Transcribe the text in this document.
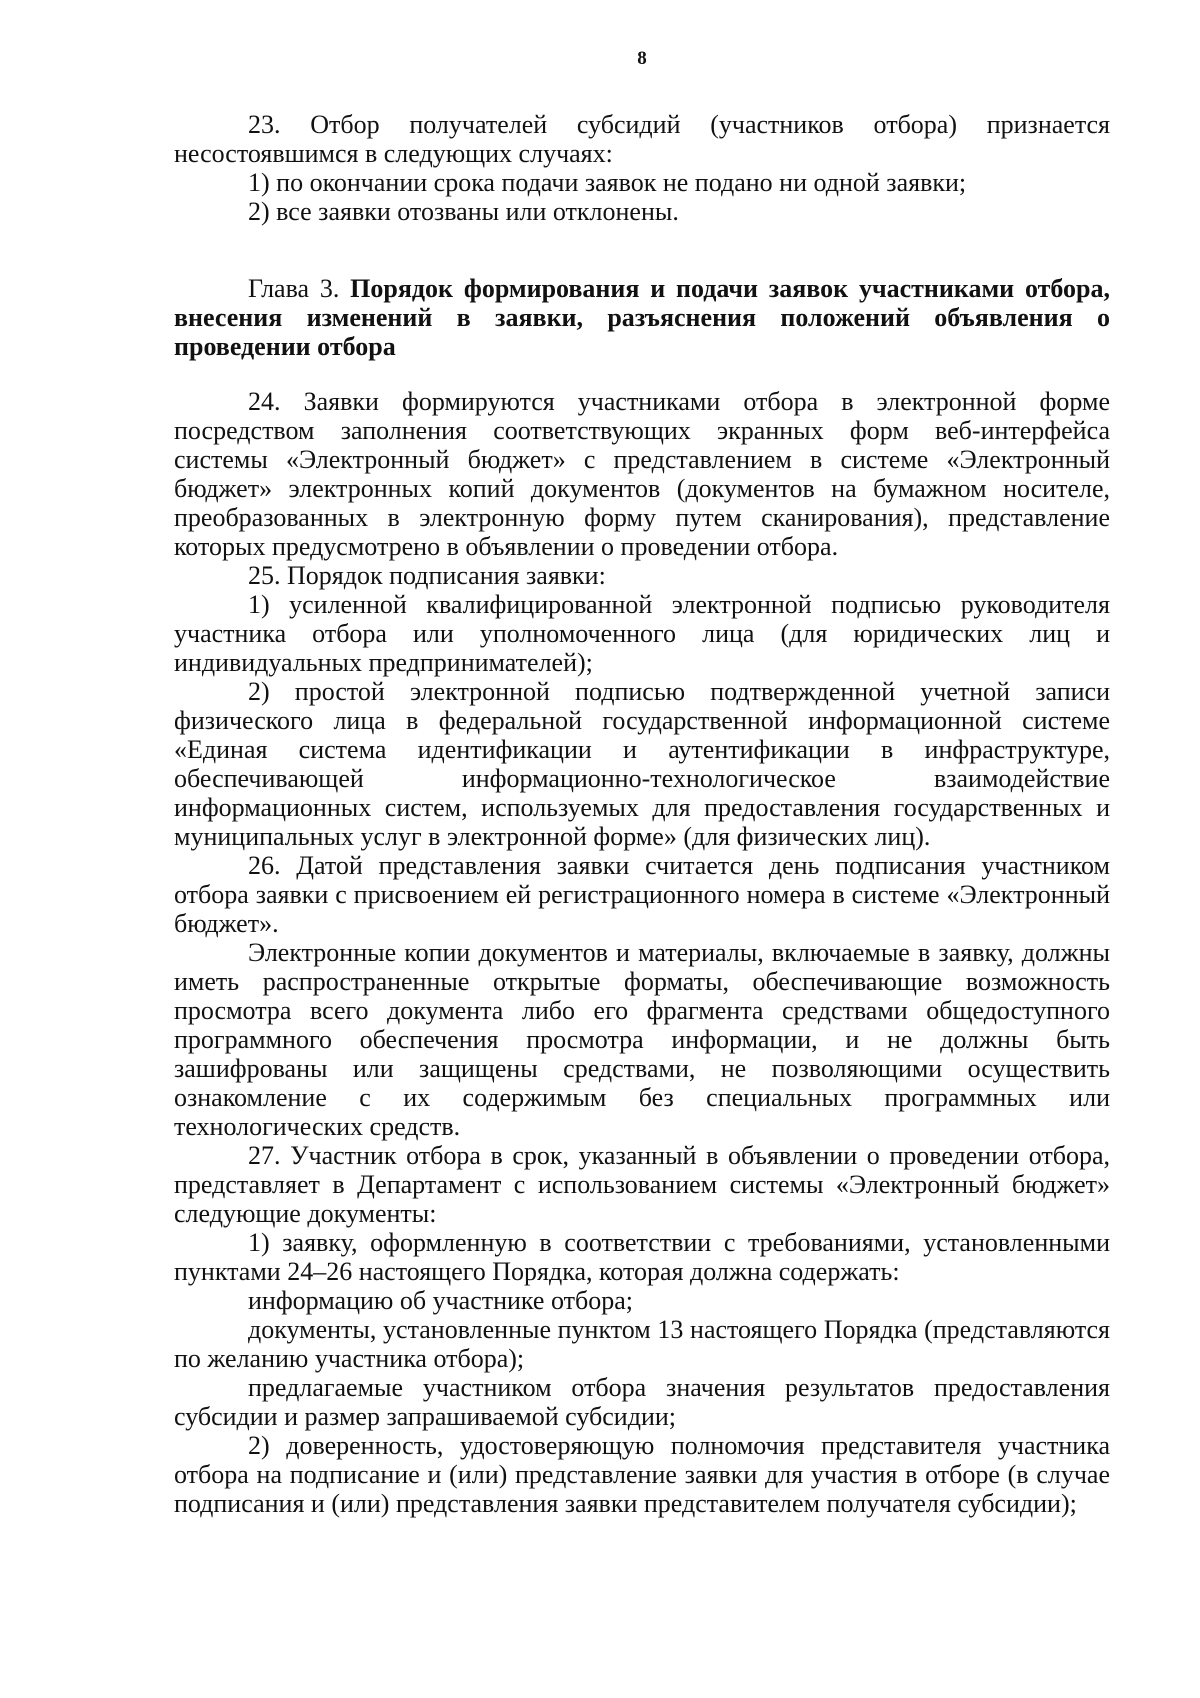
8

23. Отбор получателей субсидий (участников отбора) признается несостоявшимся в следующих случаях:

1) по окончании срока подачи заявок не подано ни одной заявки;

2) все заявки отозваны или отклонены.

Глава 3. Порядок формирования и подачи заявок участниками отбора, внесения изменений в заявки, разъяснения положений объявления о проведении отбора

24. Заявки формируются участниками отбора в электронной форме посредством заполнения соответствующих экранных форм веб-интерфейса системы «Электронный бюджет» с представлением в системе «Электронный бюджет» электронных копий документов (документов на бумажном носителе, преобразованных в электронную форму путем сканирования), представление которых предусмотрено в объявлении о проведении отбора.

25. Порядок подписания заявки:

1) усиленной квалифицированной электронной подписью руководителя участника отбора или уполномоченного лица (для юридических лиц и индивидуальных предпринимателей);

2) простой электронной подписью подтвержденной учетной записи физического лица в федеральной государственной информационной системе «Единая система идентификации и аутентификации в инфраструктуре, обеспечивающей информационно-технологическое взаимодействие информационных систем, используемых для предоставления государственных и муниципальных услуг в электронной форме» (для физических лиц).

26. Датой представления заявки считается день подписания участником отбора заявки с присвоением ей регистрационного номера в системе «Электронный бюджет».

Электронные копии документов и материалы, включаемые в заявку, должны иметь распространенные открытые форматы, обеспечивающие возможность просмотра всего документа либо его фрагмента средствами общедоступного программного обеспечения просмотра информации, и не должны быть зашифрованы или защищены средствами, не позволяющими осуществить ознакомление с их содержимым без специальных программных или технологических средств.

27. Участник отбора в срок, указанный в объявлении о проведении отбора, представляет в Департамент с использованием системы «Электронный бюджет» следующие документы:

1) заявку, оформленную в соответствии с требованиями, установленными пунктами 24–26 настоящего Порядка, которая должна содержать:

информацию об участнике отбора;

документы, установленные пунктом 13 настоящего Порядка (представляются по желанию участника отбора);

предлагаемые участником отбора значения результатов предоставления субсидии и размер запрашиваемой субсидии;

2) доверенность, удостоверяющую полномочия представителя участника отбора на подписание и (или) представление заявки для участия в отборе (в случае подписания и (или) представления заявки представителем получателя субсидии);
